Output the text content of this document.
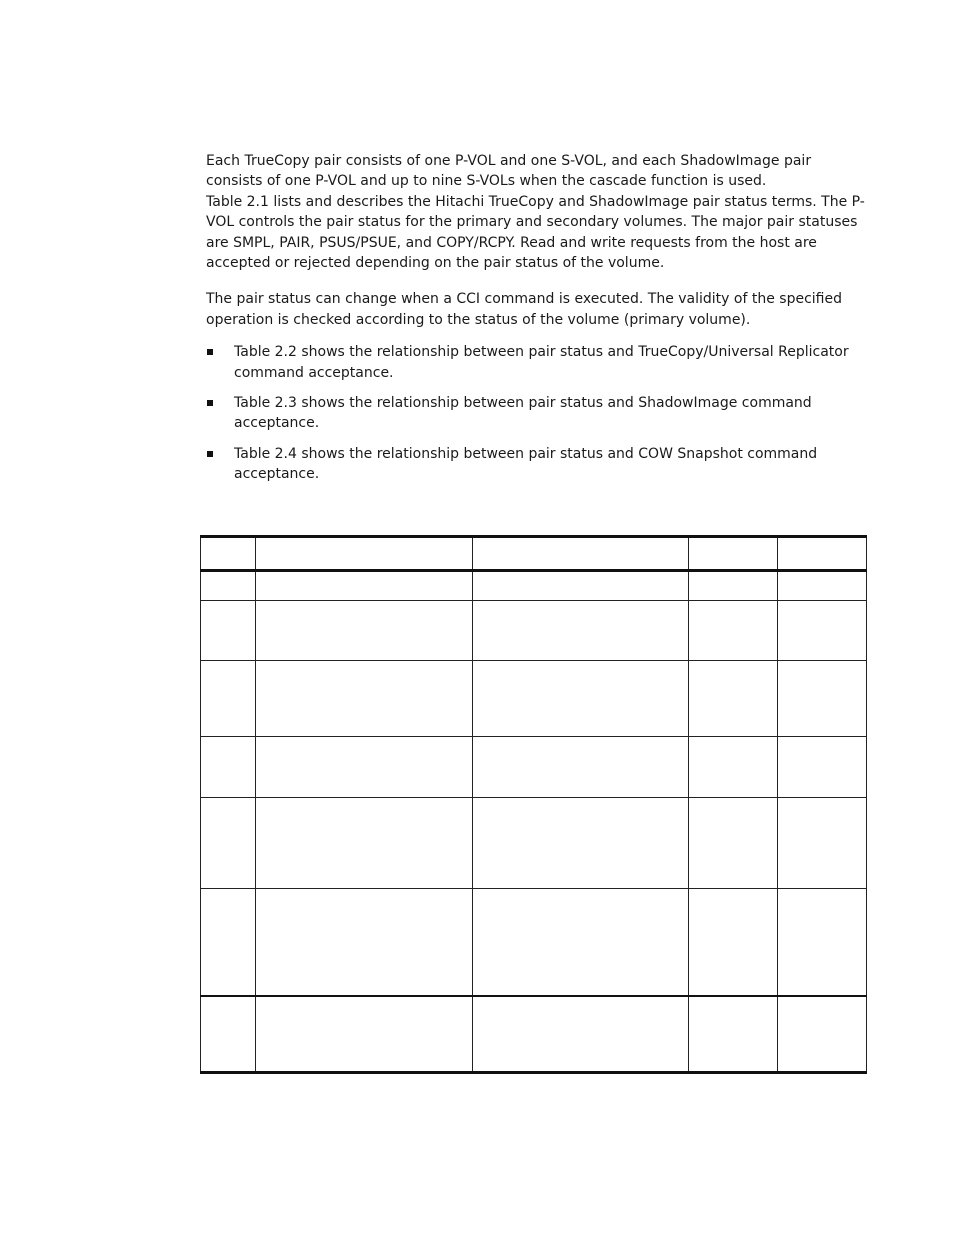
Each TrueCopy pair consists of one P-VOL and one S-VOL, and each ShadowImage pair consists of one P-VOL and up to nine S-VOLs when the cascade function is used.

Table 2.1 lists and describes the Hitachi TrueCopy and ShadowImage pair status terms. The P-VOL controls the pair status for the primary and secondary volumes. The major pair statuses are SMPL, PAIR, PSUS/PSUE, and COPY/RCPY. Read and write requests from the host are accepted or rejected depending on the pair status of the volume.

The pair status can change when a CCI command is executed. The validity of the specified operation is checked according to the status of the volume (primary volume).

Table 2.2 shows the relationship between pair status and TrueCopy/Universal Replicator command acceptance.
Table 2.3 shows the relationship between pair status and ShadowImage command acceptance.
Table 2.4 shows the relationship between pair status and COW Snapshot command acceptance.
